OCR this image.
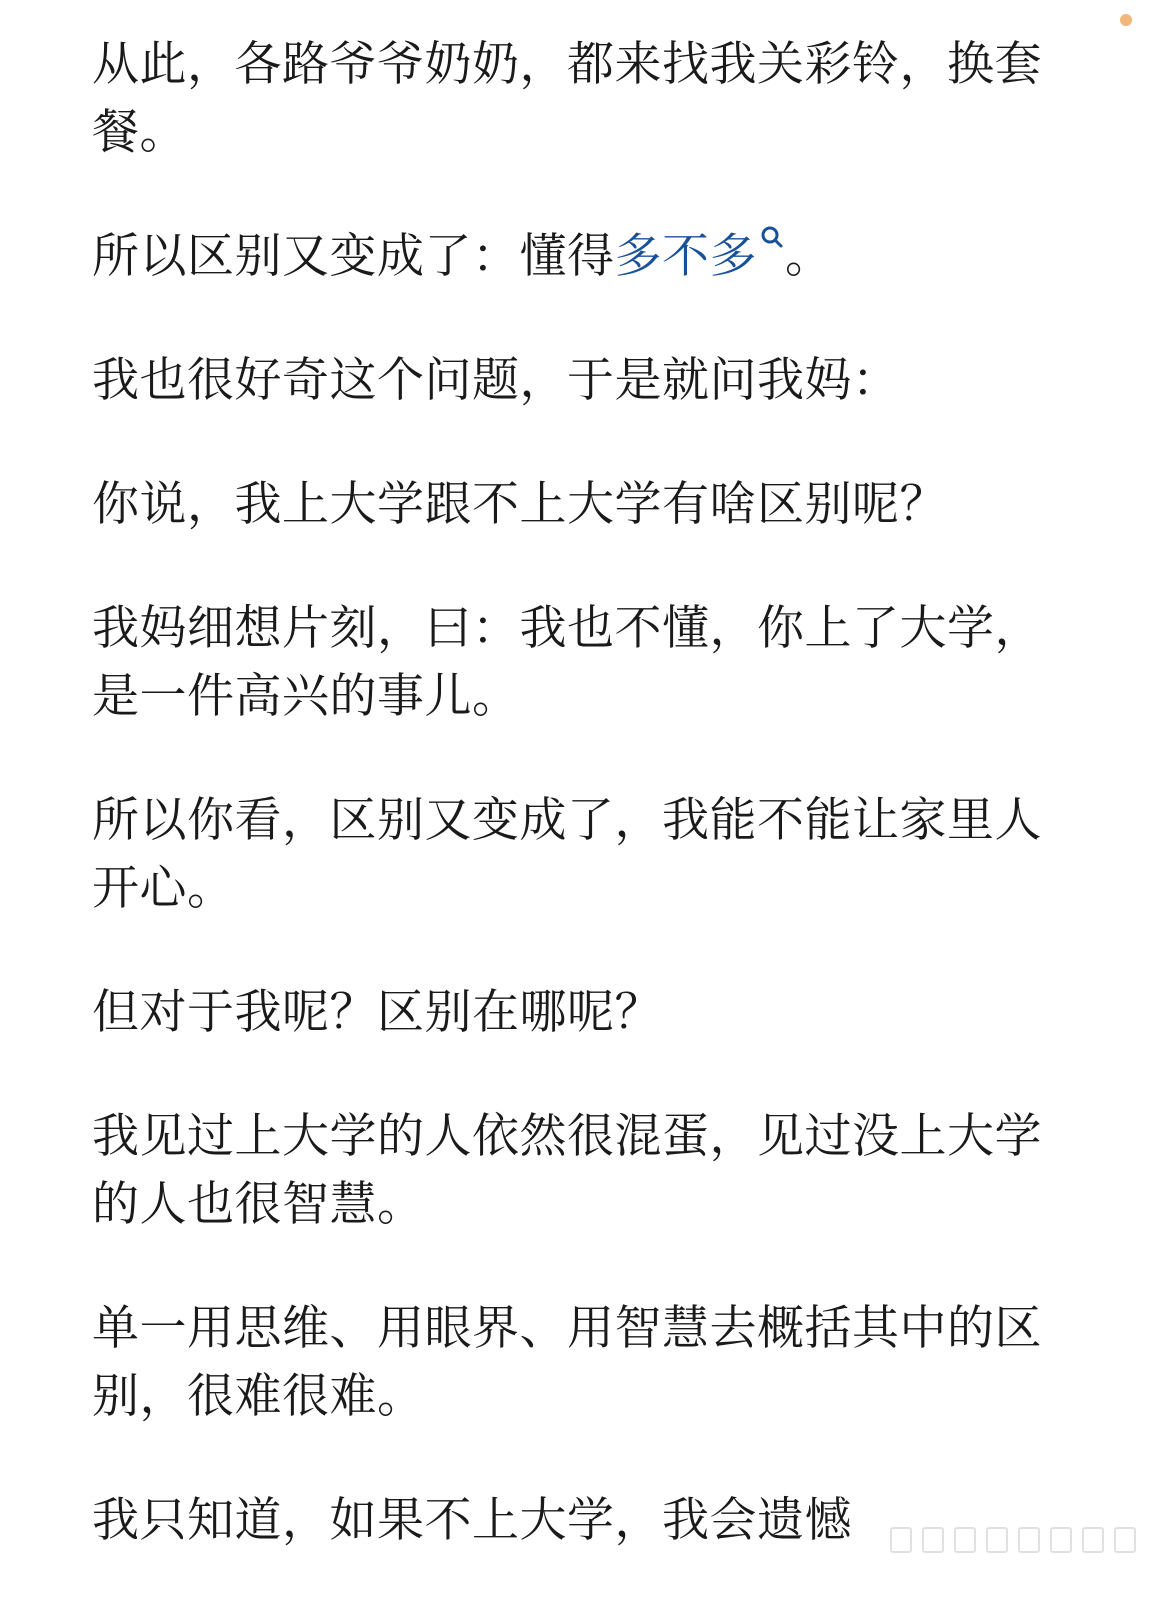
从此，各路爷爷奶奶，都来找我关彩铃，换套餐。

所以区别又变成了：懂得多不多 。

我也很好奇这个问题，于是就问我妈：

你说，我上大学跟不上大学有啥区别呢？

我妈细想片刻，曰：我也不懂，你上了大学，是一件高兴的事儿。

所以你看，区别又变成了，我能不能让家里人开心。

但对于我呢？区别在哪呢？

我见过上大学的人依然很混蛋，见过没上大学的人也很智慧。

单一用思维、用眼界、用智慧去概括其中的区别，很难很难。

我只知道，如果不上大学，我会遗憾
